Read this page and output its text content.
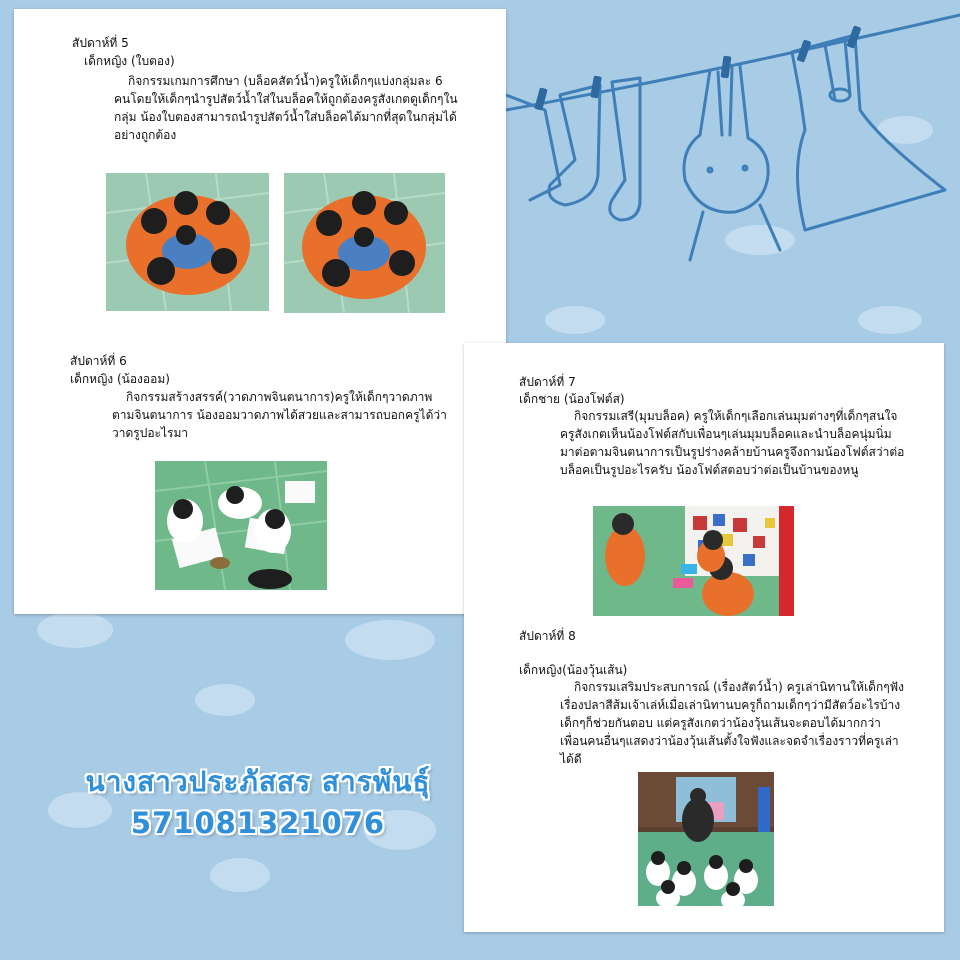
สัปดาห์ที่ 5

เด็กหญิง (ใบตอง)

กิจกรรมเกมการศึกษา (บล็อคสัตว์น้ำ)ครูให้เด็กๆแบ่งกลุ่มละ 6 คนโดยให้เด็กๆนำรูปสัตว์น้ำใส่ในบล็อคให้ถูกต้องครูสังเกตดูเด็กๆในกลุ่ม น้องใบตองสามารถนำรูปสัตว์น้ำใส่บล็อคได้มากที่สุดในกลุ่มได้อย่างถูกต้อง

สัปดาห์ที่ 6

เด็กหญิง (น้องออม)

กิจกรรมสร้างสรรค์(วาดภาพจินตนาการ)ครูให้เด็กๆวาดภาพตามจินตนาการ น้องออมวาดภาพได้สวยและสามารถบอกครูได้ว่าวาดรูปอะไรมา

สัปดาห์ที่ 7

เด็กชาย (น้องโฟต์ส)

กิจกรรมเสรี(มุมบล็อค) ครูให้เด็กๆเลือกเล่นมุมต่างๆที่เด็กๆสนใจ ครูสังเกตเห็นน้องโฟต์สกับเพื่อนๆเล่นมุมบล็อคและนำบล็อคนุ่มนิ่มมาต่อตามจินตนาการเป็นรูปร่างคล้ายบ้านครูจึงถามน้องโฟต์สว่าต่อบล็อคเป็นรูปอะไรครับ น้องโฟต์สตอบว่าต่อเป็นบ้านของหนู

สัปดาห์ที่ 8

เด็กหญิง(น้องวุ้นเส้น)

กิจกรรมเสริมประสบการณ์ (เรื่องสัตว์น้ำ) ครูเล่านิทานให้เด็กๆฟังเรื่องปลาสีส้มเจ้าเล่ห์เมื่อเล่านิทานบครูก็ถามเด็กๆว่ามีสัตว์อะไรบ้างเด็กๆก็ช่วยกันตอบ แต่ครูสังเกตว่าน้องวุ้นเส้นจะตอบได้มากกว่าเพื่อนคนอื่นๆแสดงว่าน้องวุ้นเส้นตั้งใจฟังและจดจำเรื่องราวที่ครูเล่าได้ดี

นางสาวประภัสสร สารพันธุ์
571081321076
